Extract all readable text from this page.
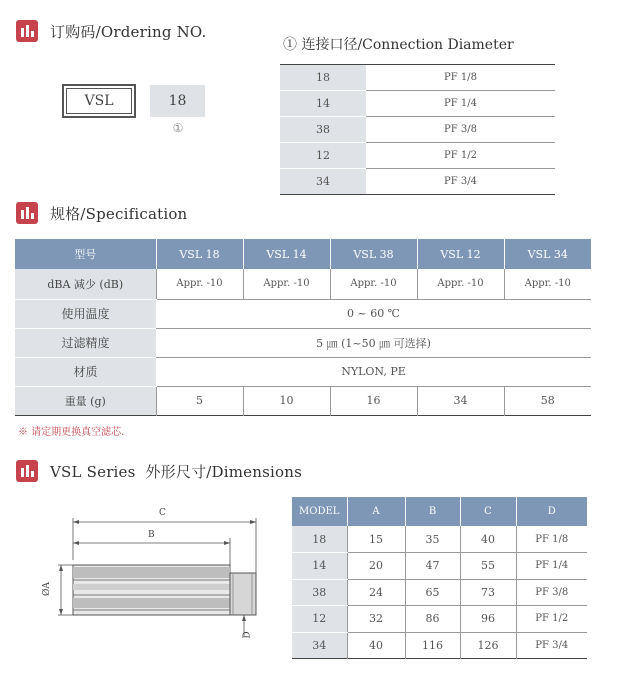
订购码/Ordering NO.
VSL	18
①
① 连接口径/Connection Diameter
18	PF 1/8
14	PF 1/4
38	PF 3/8
12	PF 1/2
34	PF 3/4
规格/Specification
型号	VSL 18	VSL 14	VSL 38	VSL 12	VSL 34
dBA 减少 (dB)	Appr. -10	Appr. -10	Appr. -10	Appr. -10	Appr. -10
使用温度	0 ~ 60 ℃				
过滤精度	5 ㎛ (1~50 ㎛ 可选择)				
材质	NYLON, PE				
重量 (g)	5	10	16	34	58
※ 请定期更换真空滤芯.
VSL Series  外形尺寸/Dimensions
C
B
ØA
D
MODEL	A	B	C	D
18	15	35	40	PF 1/8
14	20	47	55	PF 1/4
38	24	65	73	PF 3/8
12	32	86	96	PF 1/2
34	40	116	126	PF 3/4
